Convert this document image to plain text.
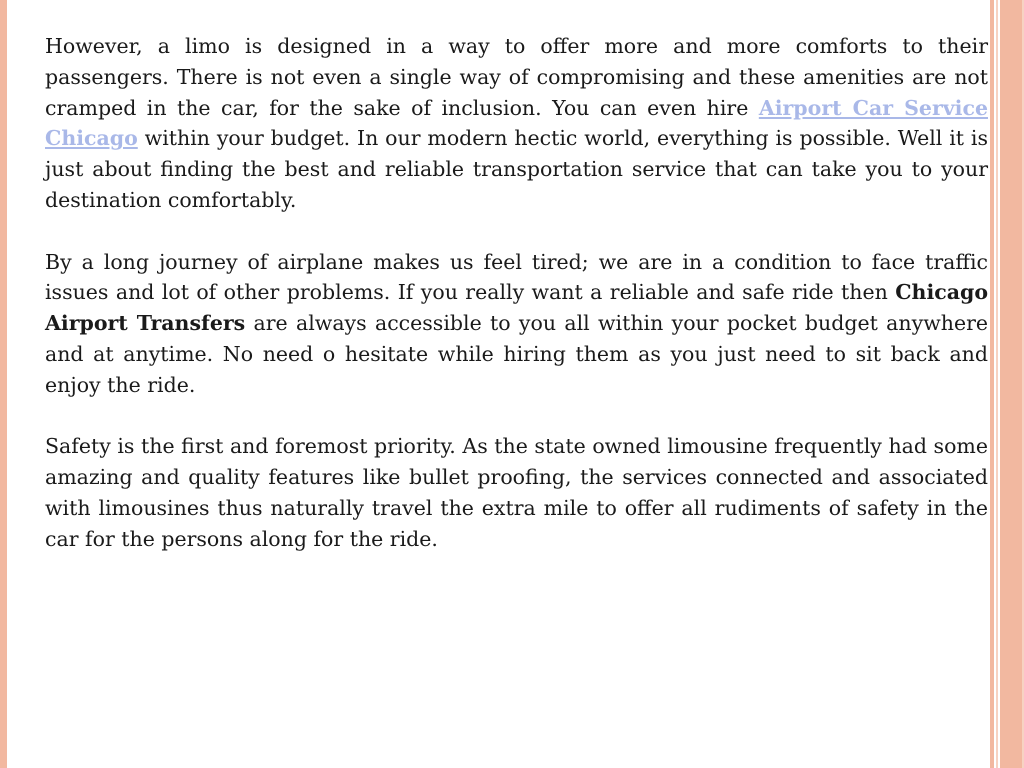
However, a limo is designed in a way to offer more and more comforts to their passengers. There is not even a single way of compromising and these amenities are not cramped in the car, for the sake of inclusion. You can even hire Airport Car Service Chicago within your budget. In our modern hectic world, everything is possible. Well it is just about finding the best and reliable transportation service that can take you to your destination comfortably.

By a long journey of airplane makes us feel tired; we are in a condition to face traffic issues and lot of other problems. If you really want a reliable and safe ride then Chicago Airport Transfers are always accessible to you all within your pocket budget anywhere and at anytime. No need o hesitate while hiring them as you just need to sit back and enjoy the ride.

Safety is the first and foremost priority. As the state owned limousine frequently had some amazing and quality features like bullet proofing, the services connected and associated with limousines thus naturally travel the extra mile to offer all rudiments of safety in the car for the persons along for the ride.
